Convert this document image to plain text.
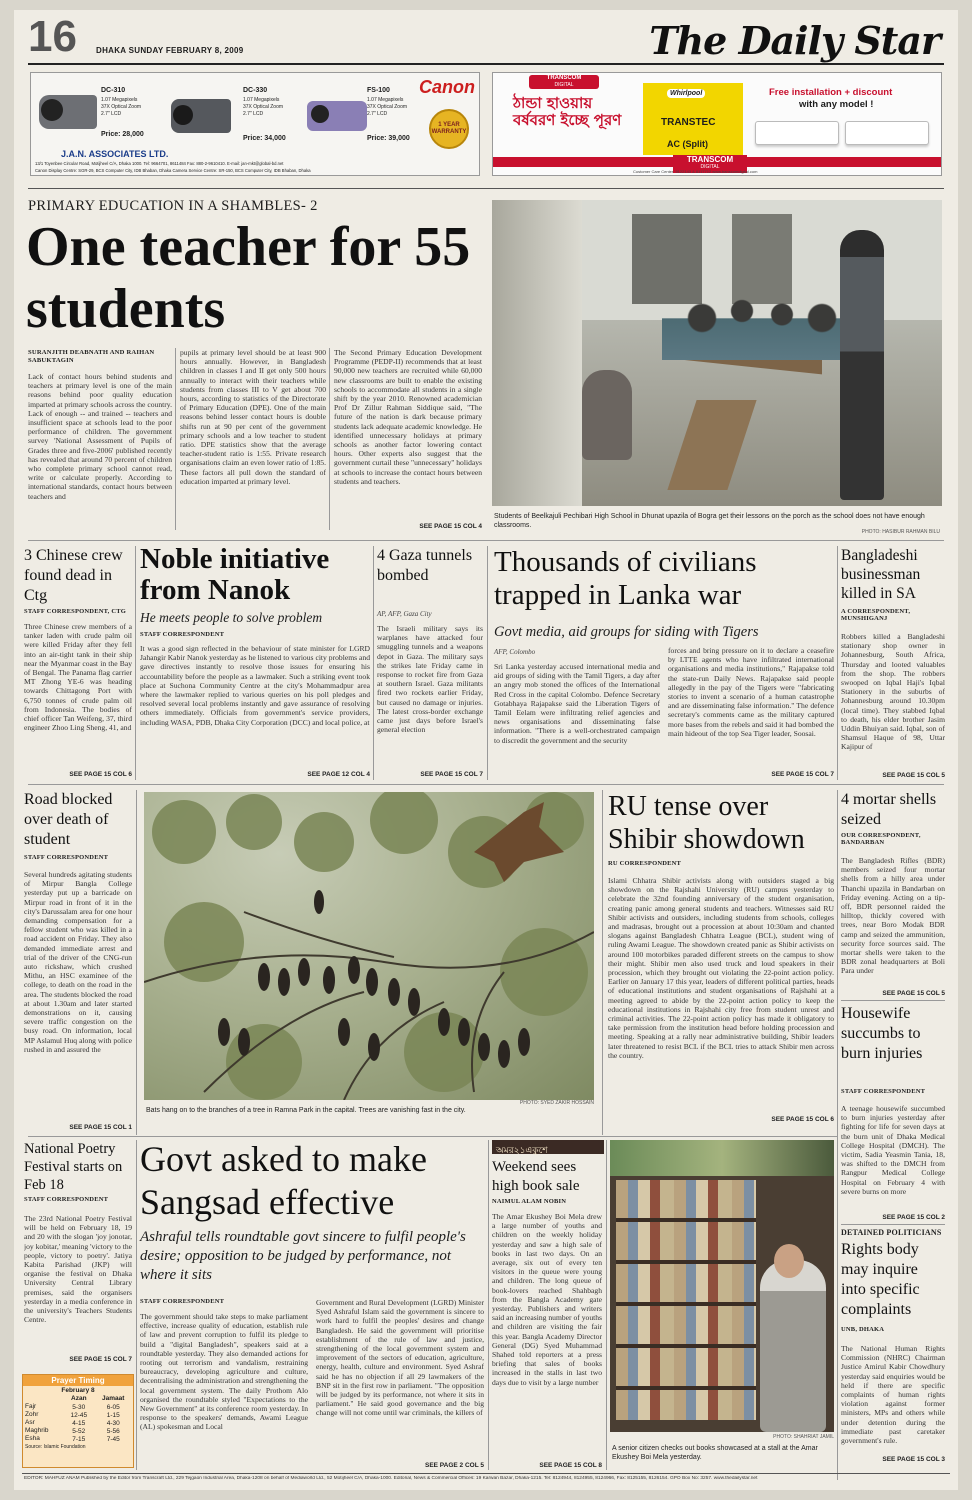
16 DHAKA SUNDAY FEBRUARY 8, 2009	The Daily Star
Canon
DC-310
1.07 Megapixels
37X Optical Zoom
2.7" LCD
Price: 28,000
DC-330
1.07 Megapixels
37X Optical Zoom
2.7" LCD
Price: 34,000
FS-100
1.07 Megapixels
37X Optical Zoom
2.7" LCD
Price: 39,000
1 YEAR WARRANTY
J.A.N. ASSOCIATES LTD.
13/1 Toyenbee Circular Road, Motijheel C/A, Dhaka 1000. Tel: 9664701, 8611484 Fax: 880-2-9610410. E-mail: jan-mkt@global-bd.net
Canon Display Centre: SGR-29, BCS Computer City, IDB Bhaban, Dhaka Camera Service Centre: SR-150, BCS Computer City, IDB Bhaban, Dhaka
TRANSCOM
DIGITAL
ঠান্ডা হাওয়ায় বর্ষবরণ ইচ্ছে পূরণ
Whirlpool
TRANSTEC
AC (Split)
Free installation + discount
with any model !
TRANSCOM
DIGITAL
Customer Care Center: 9122143 & 8117712 www.transcomdigital.com
PRIMARY EDUCATION IN A SHAMBLES- 2
One teacher for 55 students
SURANJITH DEABNATH AND RAIHAN SABUKTAGIN
Lack of contact hours behind students and teachers at primary level is one of the main reasons behind poor quality education imparted at primary schools across the country. Lack of enough -- and trained -- teachers and insufficient space at schools lead to the poor performance of children. The government survey 'National Assessment of Pupils of Grades three and five-2006' published recently has revealed that around 70 percent of children who complete primary school cannot read, write or calculate properly. According to international standards, contact hours between teachers and
pupils at primary level should be at least 900 hours annually. However, in Bangladesh children in classes I and II get only 500 hours annually to interact with their teachers while students from classes III to V get about 700 hours, according to statistics of the Directorate of Primary Education (DPE). One of the main reasons behind lesser contact hours is double shifts run at 90 per cent of the government primary schools and a low teacher to student ratio. DPE statistics show that the average teacher-student ratio is 1:55. Private research organisations claim an even lower ratio of 1:85. These factors all pull down the standard of education imparted at primary level.
The Second Primary Education Development Programme (PEDP-II) recommends that at least 90,000 new teachers are recruited while 60,000 new classrooms are built to enable the existing schools to accommodate all students in a single shift by the year 2010. Renowned academician Prof Dr Zillur Rahman Siddique said, "The future of the nation is dark because primary students lack adequate academic knowledge. He identified unnecessary holidays at primary schools as another factor lowering contact hours. Other experts also suggest that the government curtail these "unnecessary" holidays at schools to increase the contact hours between students and teachers.
SEE PAGE 15 COL 4
Students of Beelkajuli Pechibari High School in Dhunat upazila of Bogra get their lessons on the porch as the school does not have enough classrooms.
PHOTO: HASIBUR RAHMAN BILU
3 Chinese crew found dead in Ctg
STAFF CORRESPONDENT, CTG
Three Chinese crew members of a tanker laden with crude palm oil were killed Friday after they fell into an air-tight tank in their ship near the Myanmar coast in the Bay of Bengal. The Panama flag carrier MT Zhong YE-6 was heading towards Chittagong Port with 6,750 tonnes of crude palm oil from Indonesia. The bodies of chief officer Tan Weifeng, 37, third engineer Zhoo Ling Sheng, 41, and
SEE PAGE 15 COL 6
Noble initiative from Nanok
He meets people to solve problem
STAFF CORRESPONDENT
It was a good sign reflected in the behaviour of state minister for LGRD Jahangir Kabir Nanok yesterday as he listened to various city problems and gave directives instantly to resolve those issues for ensuring his accountability before the people as a lawmaker. Such a striking event took place at Suchona Community Centre at the city's Mohammadpur area where the lawmaker replied to various queries on his poll pledges and resolved several local problems instantly and gave assurance of resolving others immediately. Officials from government's service providers, including WASA, PDB, Dhaka City Corporation (DCC) and local police, at
SEE PAGE 12 COL 4
4 Gaza tunnels bombed
AP, AFP, Gaza City
The Israeli military says its warplanes have attacked four smuggling tunnels and a weapons depot in Gaza. The military says the strikes late Friday came in response to rocket fire from Gaza at southern Israel. Gaza militants fired two rockets earlier Friday, but caused no damage or injuries. The latest cross-border exchange came just days before Israel's general election
SEE PAGE 15 COL 7
Thousands of civilians trapped in Lanka war
Govt media, aid groups for siding with Tigers
AFP, Colombo
Sri Lanka yesterday accused international media and aid groups of siding with the Tamil Tigers, a day after an angry mob stoned the offices of the International Red Cross in the capital Colombo. Defence Secretary Gotabhaya Rajapakse said the Liberation Tigers of Tamil Eelam were infiltrating relief agencies and news organisations and disseminating false information. "There is a well-orchestrated campaign to discredit the government and the security
forces and bring pressure on it to declare a ceasefire by LTTE agents who have infiltrated international organisations and media institutions," Rajapakse told the state-run Daily News. Rajapakse said people allegedly in the pay of the Tigers were "fabricating stories to invent a scenario of a human catastrophe and are disseminating false information." The defence secretary's comments came as the military captured more bases from the rebels and said it had bombed the main hideout of the top Sea Tiger leader, Soosai.
SEE PAGE 15 COL 7
Bangladeshi businessman killed in SA
A CORRESPONDENT, MUNSHIGANJ
Robbers killed a Bangladeshi stationary shop owner in Johannesburg, South Africa, Thursday and looted valuables from the shop. The robbers swooped on Iqbal Haji's Iqbal Stationery in the suburbs of Johannesburg around 10.30pm (local time). They stabbed Iqbal to death, his elder brother Jasim Uddin Bhuiyan said. Iqbal, son of Shamsul Haque of 98, Uttar Kajipur of
SEE PAGE 15 COL 5
Road blocked over death of student
STAFF CORRESPONDENT
Several hundreds agitating students of Mirpur Bangla College yesterday put up a barricade on Mirpur road in front of it in the city's Darussalam area for one hour demanding compensation for a fellow student who was killed in a road accident on Friday. They also demanded immediate arrest and trial of the driver of the CNG-run auto rickshaw, which crushed Mithu, an HSC examinee of the college, to death on the road in the area. The students blocked the road at about 1.30am and later started demonstrations on it, causing severe traffic congestion on the busy road. On information, local MP Aslamul Huq along with police rushed in and assured the
SEE PAGE 15 COL 1
Bats hang on to the branches of a tree in Ramna Park in the capital. Trees are vanishing fast in the city.
PHOTO: SYED ZAKIR HOSSAIN
RU tense over Shibir showdown
RU CORRESPONDENT
Islami Chhatra Shibir activists along with outsiders staged a big showdown on the Rajshahi University (RU) campus yesterday to celebrate the 32nd founding anniversary of the student organisation, creating panic among general students and teachers. Witnesses said RU Shibir activists and outsiders, including students from schools, colleges and madrasas, brought out a procession at about 10:30am and chanted slogans against Bangladesh Chhatra League (BCL), student wing of ruling Awami League. The showdown created panic as Shibir activists on around 100 motorbikes paraded different streets on the campus to show their might. Shibir men also used truck and loud speakers in their procession, which they brought out violating the 22-point action policy. Earlier on January 17 this year, leaders of different political parties, heads of educational institutions and student organisations of Rajshahi at a meeting agreed to abide by the 22-point action policy to keep the educational institutions in Rajshahi city free from student unrest and criminal activities. The 22-point action policy has made it obligatory to take permission from the institution head before holding procession and meeting. Speaking at a rally near administrative building, Shibir leaders later threatened to resist BCL if the BCL tries to attack Shibir men across the country.
SEE PAGE 15 COL 6
4 mortar shells seized
OUR CORRESPONDENT, BANDARBAN
The Bangladesh Rifles (BDR) members seized four mortar shells from a hilly area under Thanchi upazila in Bandarban on Friday evening. Acting on a tip-off, BDR personnel raided the hilltop, thickly covered with trees, near Boro Modak BDR camp and seized the ammunition, security force sources said. The mortar shells were taken to the BDR zonal headquarters at Boli Para under
SEE PAGE 15 COL 5
Housewife succumbs to burn injuries
STAFF CORRESPONDENT
A teenage housewife succumbed to burn injuries yesterday after fighting for life for seven days at the burn unit of Dhaka Medical College Hospital (DMCH). The victim, Sadia Yeasmin Tania, 18, was shifted to the DMCH from Rangpur Medical College Hospital on February 4 with severe burns on more
SEE PAGE 15 COL 2
DETAINED POLITICIANS
Rights body may inquire into specific complaints
UNB, DHAKA
The National Human Rights Commission (NHRC) Chairman Justice Amirul Kabir Chowdhury yesterday said enquiries would be held if there are specific complaints of human rights violation against former ministers, MPs and others while under detention during the immediate past caretaker government's rule.
SEE PAGE 15 COL 3
National Poetry Festival starts on Feb 18
STAFF CORRESPONDENT
The 23rd National Poetry Festival will be held on February 18, 19 and 20 with the slogan 'joy jonotar, joy kobitar,' meaning 'victory to the people, victory to poetry'. Jatiya Kabita Parishad (JKP) will organise the festival on Dhaka University Central Library premises, said the organisers yesterday in a media conference in the university's Teachers Students Centre.
SEE PAGE 15 COL 7
Prayer Timing
February 8
	Azan	Jamaat
Fajr	5-30	6-05
Zohr	12-45	1-15
Asr	4-15	4-30
Maghrib	5-52	5-56
Esha	7-15	7-45
Source: Islamic Foundation
Govt asked to make Sangsad effective
Ashraful tells roundtable govt sincere to fulfil people's desire; opposition to be judged by performance, not where it sits
STAFF CORRESPONDENT
The government should take steps to make parliament effective, increase quality of education, establish rule of law and prevent corruption to fulfil its pledge to build a "digital Bangladesh", speakers said at a roundtable yesterday. They also demanded actions for rooting out terrorism and vandalism, restraining bureaucracy, developing agriculture and culture, decentralising the administration and strengthening the local government system. The daily Prothom Alo organised the roundtable styled "Expectations to the New Government" at its conference room yesterday. In response to the speakers' demands, Awami League (AL) spokesman and Local
Government and Rural Development (LGRD) Minister Syed Ashraful Islam said the government is sincere to work hard to fulfil the peoples' desires and change Bangladesh. He said the government will prioritise establishment of the rule of law and justice, strengthening of the local government system and improvement of the sectors of education, agriculture, energy, health, culture and environment. Syed Ashraf said he has no objection if all 29 lawmakers of the BNP sit in the first row in parliament. "The opposition will be judged by its performance, not where it sits in parliament." He said good governance and the big change will not come until war criminals, the killers of
SEE PAGE 2 COL 5
অমর২১একুশে
Weekend sees high book sale
NAIMUL ALAM NOBIN
The Amar Ekushey Boi Mela drew a large number of youths and children on the weekly holiday yesterday and saw a high sale of books in last two days. On an average, six out of every ten visitors in the queue were young and children. The long queue of book-lovers reached Shahbagh from the Bangla Academy gate yesterday. Publishers and writers said an increasing number of youths and children are visiting the fair this year. Bangla Academy Director General (DG) Syed Muhammad Shahed told reporters at a press briefing that sales of books increased in the stalls in last two days due to visit by a large number
SEE PAGE 15 COL 8
A senior citizen checks out books showcased at a stall at the Amar Ekushey Boi Mela yesterday.
PHOTO: SHAHRIAT JAMIL
EDITOR: MAHFUZ ANAM Published by the Editor from Transcraft Ltd., 229 Tejgaon Industrial Area, Dhaka-1208 on behalf of Mediaworld Ltd., 52 Motijheel C/A, Dhaka-1000. Editorial, News & Commercial Offices: 19 Karwan Bazar, Dhaka-1215. Tel: 8124944, 8124955, 8124966, Fax: 8125155, 8126154. GPO Box No: 3257. www.thedailystar.net
